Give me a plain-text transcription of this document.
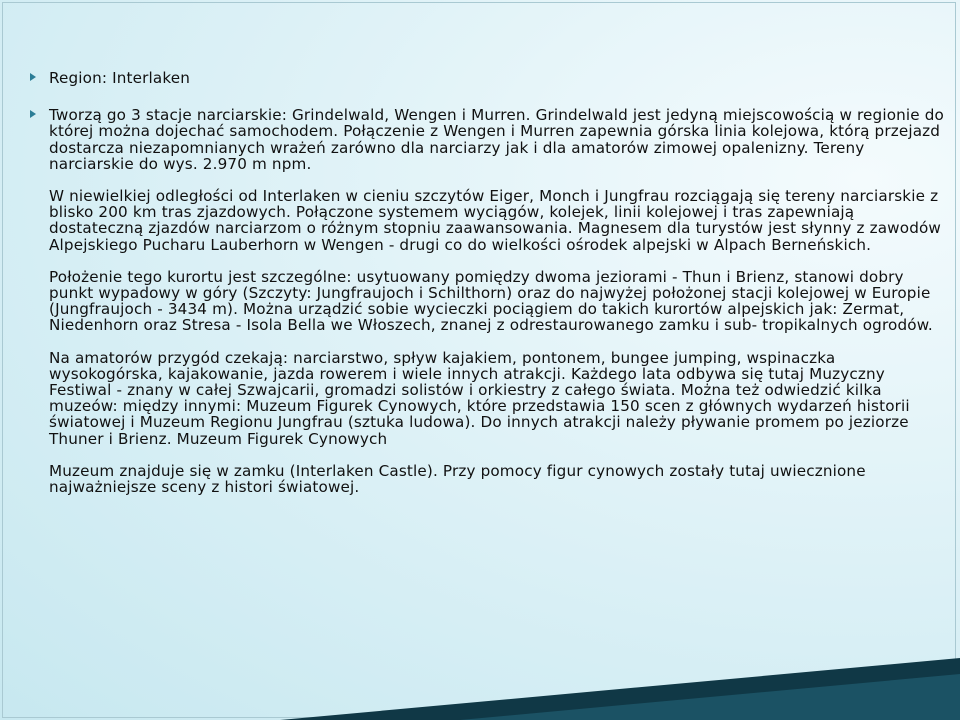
Region: Interlaken

Tworzą go 3 stacje narciarskie: Grindelwald, Wengen i Murren. Grindelwald jest jedyną miejscowością w regionie do której można dojechać samochodem. Połączenie z Wengen i Murren zapewnia górska linia kolejowa, którą przejazd dostarcza niezapomnianych wrażeń zarówno dla narciarzy jak i dla amatorów zimowej opalenizny. Tereny narciarskie do wys. 2.970 m npm.

W niewielkiej odległości od Interlaken w cieniu szczytów Eiger, Monch i Jungfrau rozciągają się tereny narciarskie z blisko 200 km tras zjazdowych. Połączone systemem wyciągów, kolejek, linii kolejowej i tras zapewniają dostateczną zjazdów narciarzom o różnym stopniu zaawansowania. Magnesem dla turystów jest słynny z zawodów Alpejskiego Pucharu Lauberhorn w Wengen - drugi co do wielkości ośrodek alpejski w Alpach Berneńskich.

Położenie tego kurortu jest szczególne: usytuowany pomiędzy dwoma jeziorami - Thun i Brienz, stanowi dobry punkt wypadowy w góry (Szczyty: Jungfraujoch i Schilthorn) oraz do najwyżej położonej stacji kolejowej w Europie (Jungfraujoch - 3434 m). Można urządzić sobie wycieczki pociągiem do takich kurortów alpejskich jak: Zermat, Niedenhorn oraz Stresa - Isola Bella we Włoszech, znanej z odrestaurowanego zamku i sub- tropikalnych ogrodów.

Na amatorów przygód czekają: narciarstwo, spływ kajakiem, pontonem, bungee jumping, wspinaczka wysokogórska, kajakowanie, jazda rowerem i wiele innych atrakcji. Każdego lata odbywa się tutaj Muzyczny Festiwal - znany w całej Szwajcarii, gromadzi solistów i orkiestry z całego świata. Można też odwiedzić kilka muzeów: między innymi: Muzeum Figurek Cynowych, które przedstawia 150 scen z głównych wydarzeń historii światowej i Muzeum Regionu Jungfrau (sztuka ludowa). Do innych atrakcji należy pływanie promem po jeziorze Thuner i Brienz. Muzeum Figurek Cynowych

Muzeum znajduje się w zamku (Interlaken Castle). Przy pomocy figur cynowych zostały tutaj uwiecznione najważniejsze sceny z histori światowej.
